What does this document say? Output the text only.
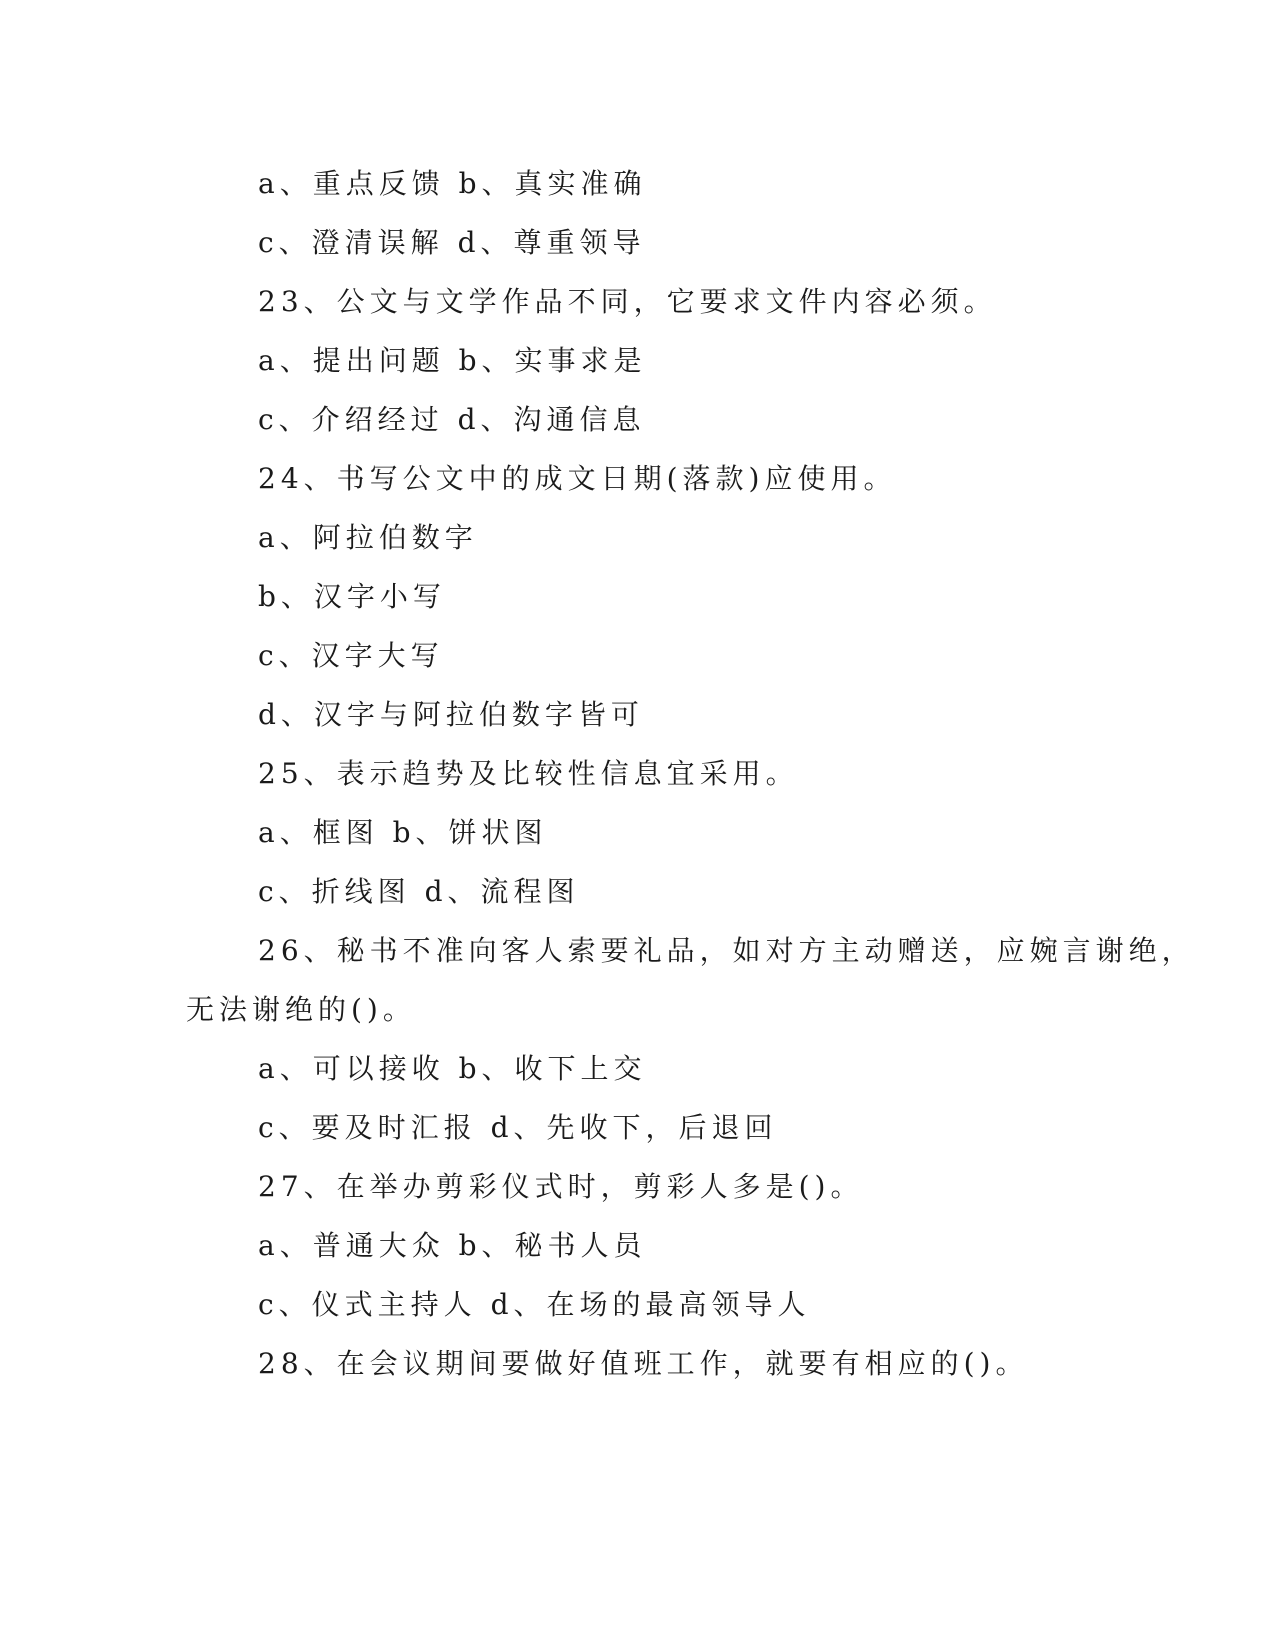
a、重点反馈 b、真实准确
c、澄清误解 d、尊重领导
23、公文与文学作品不同，它要求文件内容必须。
a、提出问题 b、实事求是
c、介绍经过 d、沟通信息
24、书写公文中的成文日期(落款)应使用。
a、阿拉伯数字
b、汉字小写
c、汉字大写
d、汉字与阿拉伯数字皆可
25、表示趋势及比较性信息宜采用。
a、框图 b、饼状图
c、折线图 d、流程图
26、秘书不准向客人索要礼品，如对方主动赠送，应婉言谢绝，
无法谢绝的()。
a、可以接收 b、收下上交
c、要及时汇报 d、先收下，后退回
27、在举办剪彩仪式时，剪彩人多是()。
a、普通大众 b、秘书人员
c、仪式主持人 d、在场的最高领导人
28、在会议期间要做好值班工作，就要有相应的()。
